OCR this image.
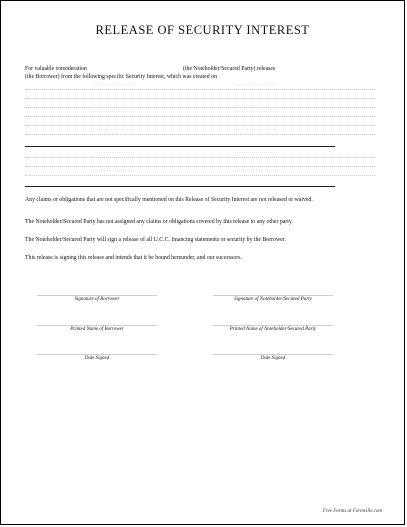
RELEASE OF SECURITY INTEREST
For valuable consideration	(the Noteholder/Secured Party) releases
(the Borrower) from the following specific Security Interest, which was created on
- - - - - - - - - - - - - -	- - - - - - - - - - - - - -
- - - - - - - - - - - - - -	- - - - - - - - - - - - - -
- - - - - - - - - - - - - -	- - - - - - - - - - - - - -
- - - - - - - - - - - - - -	- - - - - - - - - - - - - -
- - - - - - - - - - - - - -	- - - - - - - - - - - - - -
Any claims or obligations that are not specifically mentioned on this Release of Security Interest are not released or waived.
The Noteholder/Secured Party has not assigned any claims or obligations covered by this release to any other party.
The Noteholder/Secured Party will sign a release of all U.C.C. financing statements or security by the Borrower.
This release is signing this release and intends that it be bound hereunder, and our successors.
Signature of Borrower
Printed Name of Borrower
Date Signed
Signature of Noteholder/Secured Party
Printed Name of Noteholder/Secured Party
Date Signed
Free Forms at Formville.com
